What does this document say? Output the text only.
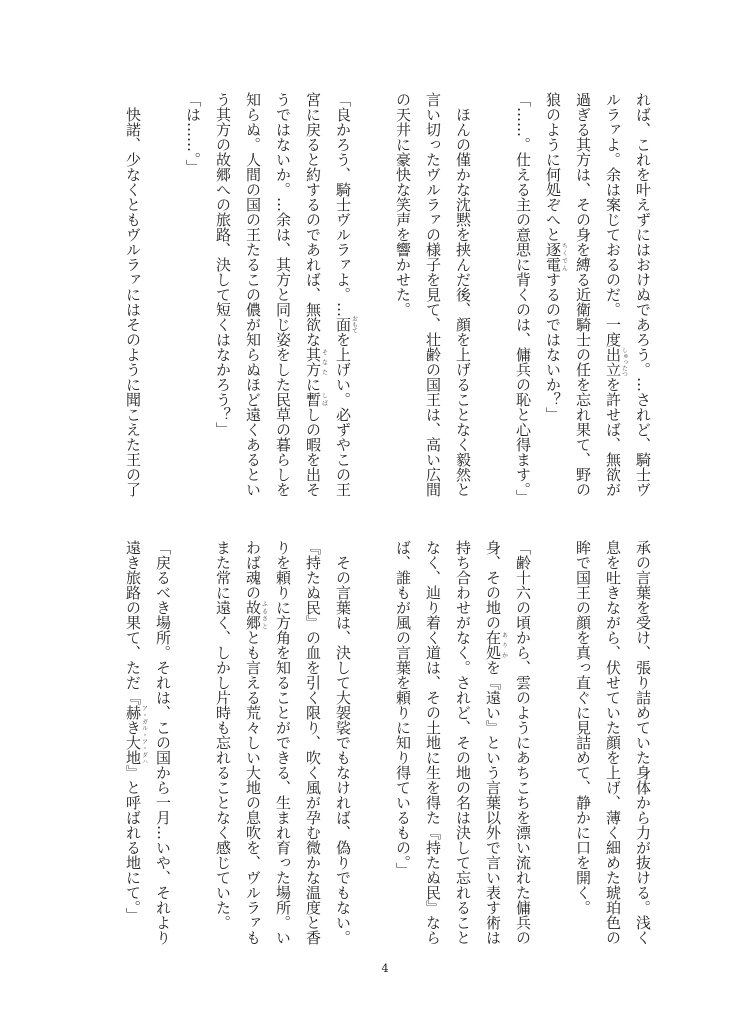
れば、これを叶えずにはおけぬであろう。…されど、騎士ヴ
ルラァよ。余は案じておるのだ。一度出立しゅったつを許せば、無欲が
過ぎる其方は、その身を縛る近衛騎士の任を忘れ果て、野の
狼のように何処ぞへと逐電ちくでんするのではないか？」
「……。仕える主の意思に背くのは、傭兵の恥と心得ます。」
　ほんの僅かな沈黙を挟んだ後、顔を上げることなく毅然と
言い切ったヴルラァの様子を見て、壮齢の国王は、高い広間
の天井に豪快な笑声を響かせた。
「良かろう、騎士ヴルラァよ。…面おもてを上げい。必ずやこの王
宮に戻ると約するのであれば、無欲な其方そなたに暫しばしの暇を出そ
うではないか。…余は、其方と同じ姿をした民草の暮らしを
知らぬ。人間の国の王たるこの儂が知らぬほど遠くあるとい
う其方の故郷への旅路、決して短くはなかろう？」
「は……。」
　快諾、少なくともヴルラァにはそのように聞こえた王の了
承の言葉を受け、張り詰めていた身体から力が抜ける。浅く
息を吐きながら、伏せていた顔を上げ、薄く細めた琥珀色の
眸で国王の顔を真っ直ぐに見詰めて、静かに口を開く。
「齢十六の頃から、雲のようにあちこちを漂い流れた傭兵の
身、その地の在処ありかを『遠い』という言葉以外で言い表す術は
持ち合わせがなく。されど、その地の名は決して忘れること
なく、辿り着く道は、その土地に生を得た『持たぬ民』なら
ば、誰もが風の言葉を頼りに知り得ているもの。」
　その言葉は、決して大袈裟でもなければ、偽りでもない。
『持たぬ民』の血を引く限り、吹く風が孕む微かな温度と香
りを頼りに方角を知ることができる、生まれ育った場所。い
わば魂の故郷ふるさととも言える荒々しい大地の息吹を、ヴルラァも
また常に遠く、しかし片時も忘れることなく感じていた。
「戻るべき場所。それは、この国から一月…いや、それより
遠き旅路の果て、ただ『赫き大地ア・ガル・ア・ダハ』と呼ばれる地にて。」
4
